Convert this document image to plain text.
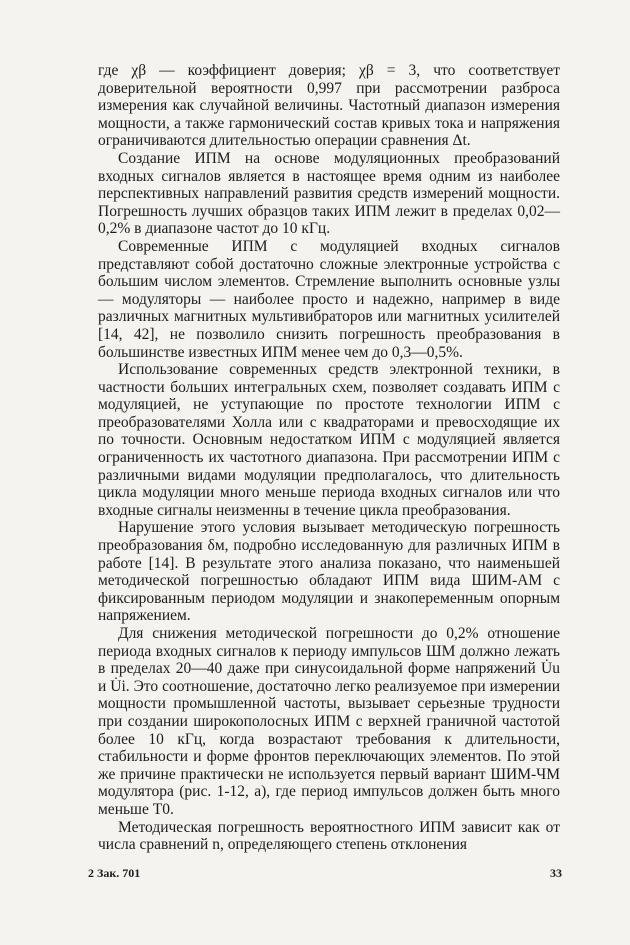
где χβ — коэффициент доверия; χβ = 3, что соответствует доверительной вероятности 0,997 при рассмотрении разброса измерения как случайной величины. Частотный диапазон измерения мощности, а также гармонический состав кривых тока и напряжения ограничиваются длительностью операции сравнения Δt.

Создание ИПМ на основе модуляционных преобразований входных сигналов является в настоящее время одним из наиболее перспективных направлений развития средств измерений мощности. Погрешность лучших образцов таких ИПМ лежит в пределах 0,02—0,2% в диапазоне частот до 10 кГц.

Современные ИПМ с модуляцией входных сигналов представляют собой достаточно сложные электронные устройства с большим числом элементов. Стремление выполнить основные узлы — модуляторы — наиболее просто и надежно, например в виде различных магнитных мультивибраторов или магнитных усилителей [14, 42], не позволило снизить погрешность преобразования в большинстве известных ИПМ менее чем до 0,3—0,5%.

Использование современных средств электронной техники, в частности больших интегральных схем, позволяет создавать ИПМ с модуляцией, не уступающие по простоте технологии ИПМ с преобразователями Холла или с квадраторами и превосходящие их по точности. Основным недостатком ИПМ с модуляцией является ограниченность их частотного диапазона. При рассмотрении ИПМ с различными видами модуляции предполагалось, что длительность цикла модуляции много меньше периода входных сигналов или что входные сигналы неизменны в течение цикла преобразования.

Нарушение этого условия вызывает методическую погрешность преобразования δм, подробно исследованную для различных ИПМ в работе [14]. В результате этого анализа показано, что наименьшей методической погрешностью обладают ИПМ вида ШИМ-АМ с фиксированным периодом модуляции и знакопеременным опорным напряжением.

Для снижения методической погрешности до 0,2% отношение периода входных сигналов к периоду импульсов ШМ должно лежать в пределах 20—40 даже при синусоидальной форме напряжений U̇u и U̇i. Это соотношение, достаточно легко реализуемое при измерении мощности промышленной частоты, вызывает серьезные трудности при создании широкополосных ИПМ с верхней граничной частотой более 10 кГц, когда возрастают требования к длительности, стабильности и форме фронтов переключающих элементов. По этой же причине практически не используется первый вариант ШИМ-ЧМ модулятора (рис. 1-12, а), где период импульсов должен быть много меньше T0.

Методическая погрешность вероятностного ИПМ зависит как от числа сравнений n, определяющего степень отклонения

2 Зак. 701	33
